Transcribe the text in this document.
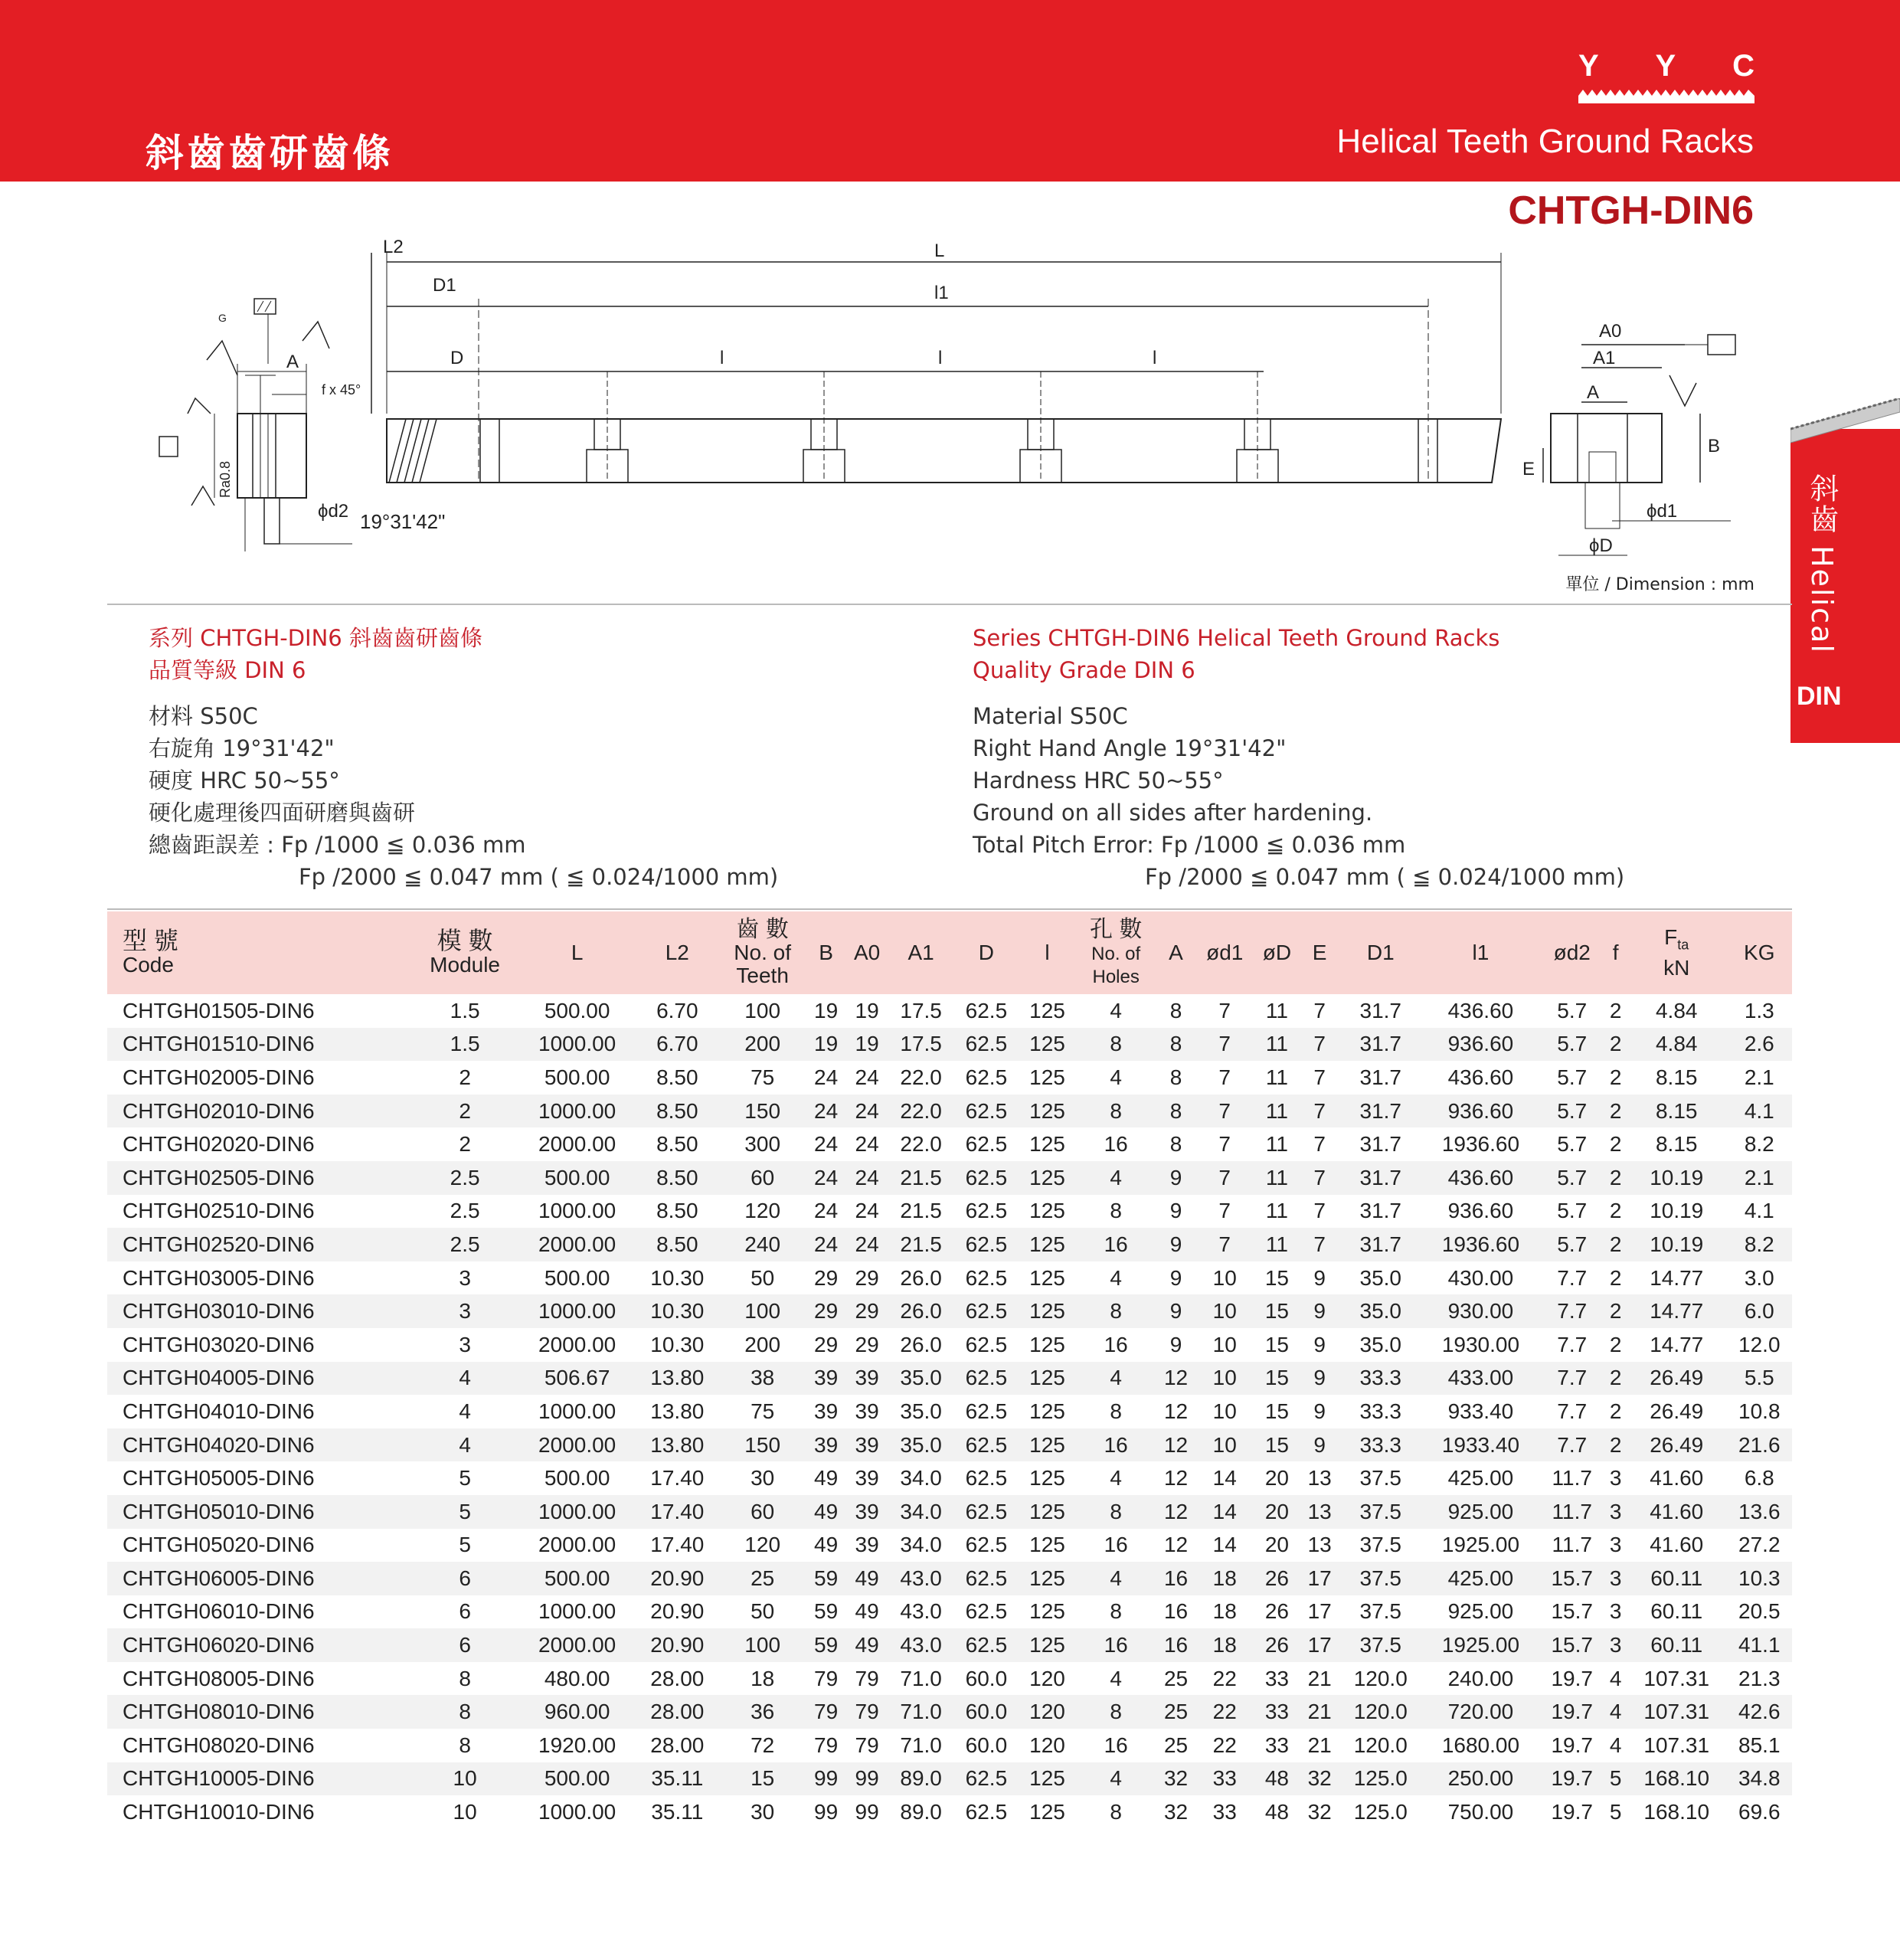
斜齒齒研齒條	Helical Teeth Ground Racks
Y Y C
CHTGH-DIN6
斜齒 Helical
DIN
A
f x 45°
ϕd2
Ra0.8
G
L2	L
D1	l1
D	l	l	l
19°31'42"
A0
A1
A
B
E
ϕd1
ϕD
單位 / Dimension : mm
系列 CHTGH-DIN6 斜齒齒研齒條
品質等級 DIN 6
材料 S50C
右旋角 19°31'42"
硬度 HRC 50~55°
硬化處理後四面研磨與齒研
總齒距誤差 : Fp /1000 ≦ 0.036 mm
Fp /2000 ≦ 0.047 mm ( ≦ 0.024/1000 mm)
Series CHTGH-DIN6 Helical Teeth Ground Racks
Quality Grade DIN 6
Material S50C
Right Hand Angle 19°31'42"
Hardness HRC 50~55°
Ground on all sides after hardening.
Total Pitch Error: Fp /1000 ≦ 0.036 mm
Fp /2000 ≦ 0.047 mm ( ≦ 0.024/1000 mm)
型 號
Code	模 數
Module	L	L2	齒 數
No. of
Teeth	B	A0	A1	D	l	孔 數
No. of
Holes	A	ød1	øD	E	D1	l1	ød2	f	$F_{ta}$
kN	KG
CHTGH01505-DIN6	1.5	500.00	6.70	100	19	19	17.5	62.5	125	4	8	7	11	7	31.7	436.60	5.7	2	4.84	1.3
CHTGH01510-DIN6	1.5	1000.00	6.70	200	19	19	17.5	62.5	125	8	8	7	11	7	31.7	936.60	5.7	2	4.84	2.6
CHTGH02005-DIN6	2	500.00	8.50	75	24	24	22.0	62.5	125	4	8	7	11	7	31.7	436.60	5.7	2	8.15	2.1
CHTGH02010-DIN6	2	1000.00	8.50	150	24	24	22.0	62.5	125	8	8	7	11	7	31.7	936.60	5.7	2	8.15	4.1
CHTGH02020-DIN6	2	2000.00	8.50	300	24	24	22.0	62.5	125	16	8	7	11	7	31.7	1936.60	5.7	2	8.15	8.2
CHTGH02505-DIN6	2.5	500.00	8.50	60	24	24	21.5	62.5	125	4	9	7	11	7	31.7	436.60	5.7	2	10.19	2.1
CHTGH02510-DIN6	2.5	1000.00	8.50	120	24	24	21.5	62.5	125	8	9	7	11	7	31.7	936.60	5.7	2	10.19	4.1
CHTGH02520-DIN6	2.5	2000.00	8.50	240	24	24	21.5	62.5	125	16	9	7	11	7	31.7	1936.60	5.7	2	10.19	8.2
CHTGH03005-DIN6	3	500.00	10.30	50	29	29	26.0	62.5	125	4	9	10	15	9	35.0	430.00	7.7	2	14.77	3.0
CHTGH03010-DIN6	3	1000.00	10.30	100	29	29	26.0	62.5	125	8	9	10	15	9	35.0	930.00	7.7	2	14.77	6.0
CHTGH03020-DIN6	3	2000.00	10.30	200	29	29	26.0	62.5	125	16	9	10	15	9	35.0	1930.00	7.7	2	14.77	12.0
CHTGH04005-DIN6	4	506.67	13.80	38	39	39	35.0	62.5	125	4	12	10	15	9	33.3	433.00	7.7	2	26.49	5.5
CHTGH04010-DIN6	4	1000.00	13.80	75	39	39	35.0	62.5	125	8	12	10	15	9	33.3	933.40	7.7	2	26.49	10.8
CHTGH04020-DIN6	4	2000.00	13.80	150	39	39	35.0	62.5	125	16	12	10	15	9	33.3	1933.40	7.7	2	26.49	21.6
CHTGH05005-DIN6	5	500.00	17.40	30	49	39	34.0	62.5	125	4	12	14	20	13	37.5	425.00	11.7	3	41.60	6.8
CHTGH05010-DIN6	5	1000.00	17.40	60	49	39	34.0	62.5	125	8	12	14	20	13	37.5	925.00	11.7	3	41.60	13.6
CHTGH05020-DIN6	5	2000.00	17.40	120	49	39	34.0	62.5	125	16	12	14	20	13	37.5	1925.00	11.7	3	41.60	27.2
CHTGH06005-DIN6	6	500.00	20.90	25	59	49	43.0	62.5	125	4	16	18	26	17	37.5	425.00	15.7	3	60.11	10.3
CHTGH06010-DIN6	6	1000.00	20.90	50	59	49	43.0	62.5	125	8	16	18	26	17	37.5	925.00	15.7	3	60.11	20.5
CHTGH06020-DIN6	6	2000.00	20.90	100	59	49	43.0	62.5	125	16	16	18	26	17	37.5	1925.00	15.7	3	60.11	41.1
CHTGH08005-DIN6	8	480.00	28.00	18	79	79	71.0	60.0	120	4	25	22	33	21	120.0	240.00	19.7	4	107.31	21.3
CHTGH08010-DIN6	8	960.00	28.00	36	79	79	71.0	60.0	120	8	25	22	33	21	120.0	720.00	19.7	4	107.31	42.6
CHTGH08020-DIN6	8	1920.00	28.00	72	79	79	71.0	60.0	120	16	25	22	33	21	120.0	1680.00	19.7	4	107.31	85.1
CHTGH10005-DIN6	10	500.00	35.11	15	99	99	89.0	62.5	125	4	32	33	48	32	125.0	250.00	19.7	5	168.10	34.8
CHTGH10010-DIN6	10	1000.00	35.11	30	99	99	89.0	62.5	125	8	32	33	48	32	125.0	750.00	19.7	5	168.10	69.6
